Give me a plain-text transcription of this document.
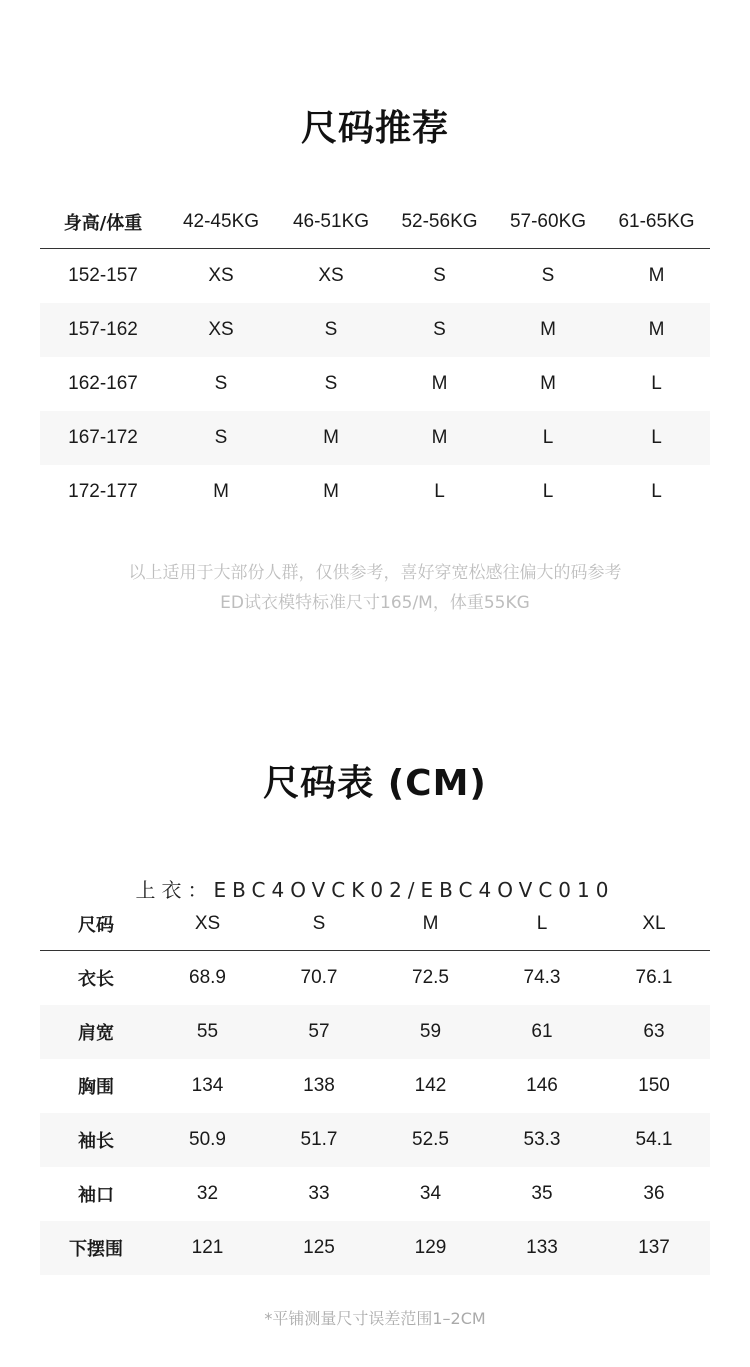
尺码推荐
身高/体重	42-45KG	46-51KG	52-56KG	57-60KG	61-65KG
152-157	XS	XS	S	S	M
157-162	XS	S	S	M	M
162-167	S	S	M	M	L
167-172	S	M	M	L	L
172-177	M	M	L	L	L
以上适用于大部份人群，仅供参考，喜好穿宽松感往偏大的码参考
ED试衣模特标准尺寸165/M，体重55KG
尺码表 (CM)
上衣：EBC4OVCK02/EBC4OVC010
尺码	XS	S	M	L	XL
衣长	68.9	70.7	72.5	74.3	76.1
肩宽	55	57	59	61	63
胸围	134	138	142	146	150
袖长	50.9	51.7	52.5	53.3	54.1
袖口	32	33	34	35	36
下摆围	121	125	129	133	137
*平铺测量尺寸误差范围1–2CM
